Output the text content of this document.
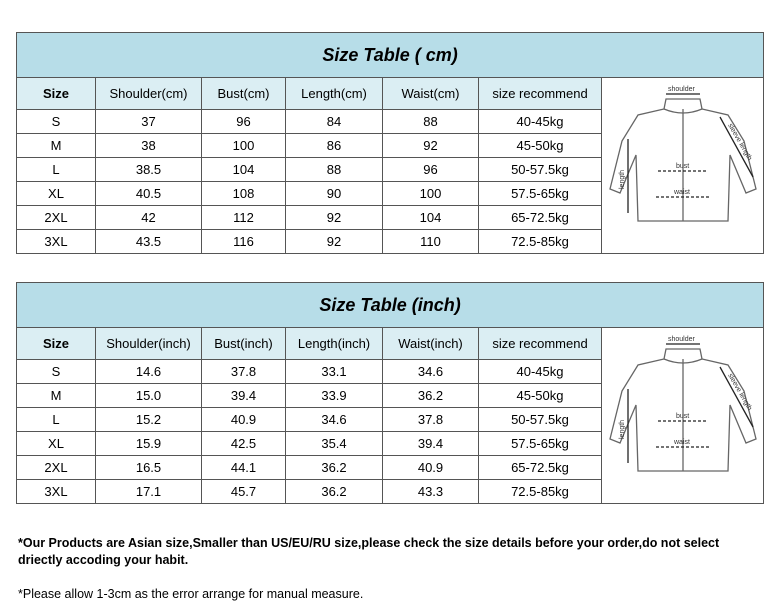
Size Table ( cm)						
Size	Shoulder(cm)	Bust(cm)	Length(cm)	Waist(cm)	size recommend	shoulder
bust
waist
length
sleeve length

S	37	96	84	88	40-45kg	
M	38	100	86	92	45-50kg	
L	38.5	104	88	96	50-57.5kg	
XL	40.5	108	90	100	57.5-65kg	
2XL	42	112	92	104	65-72.5kg	
3XL	43.5	116	92	110	72.5-85kg	
Size Table (inch)						
Size	Shoulder(inch)	Bust(inch)	Length(inch)	Waist(inch)	size recommend	shoulder
bust
waist
length
sleeve length

S	14.6	37.8	33.1	34.6	40-45kg	
M	15.0	39.4	33.9	36.2	45-50kg	
L	15.2	40.9	34.6	37.8	50-57.5kg	
XL	15.9	42.5	35.4	39.4	57.5-65kg	
2XL	16.5	44.1	36.2	40.9	65-72.5kg	
3XL	17.1	45.7	36.2	43.3	72.5-85kg	
*Our Products are Asian size,Smaller than US/EU/RU size,please check the size details before your order,do not select driectly accoding your habit.
*Please allow 1-3cm as the error arrange for manual measure.
